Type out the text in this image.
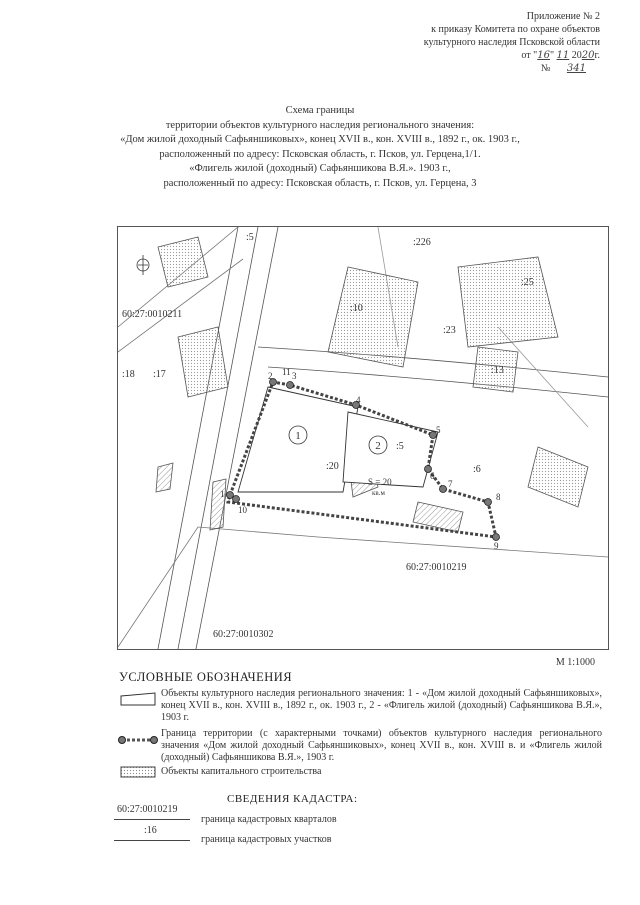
Приложение № 2
к приказу Комитета по охране объектов
культурного наследия Псковской области
от "16" 11 2020г.
№ 341
Схема границы
территории объектов культурного наследия регионального значения:
«Дом жилой доходный Сафьяншиковых», конец XVII в., кон. XVIII в., 1892 г., ок. 1903 г.,
расположенный по адресу: Псковская область, г. Псков, ул. Герцена,1/1.
«Флигель жилой (доходный) Сафьяншикова В.Я.». 1903 г.,
расположенный по адресу: Псковская область, г. Псков, ул. Герцена, 3
:5	:226
:25
:10
:23
:13
:18 :17
:20
:5
:6
60:27:0010211
60:27:0010219
60:27:0010302
S = 20
кв.м
1
2
1
2 3
4
5
6
7
8
9
10
11
М 1:1000
УСЛОВНЫЕ ОБОЗНАЧЕНИЯ
Объекты культурного наследия регионального значения: 1 - «Дом жилой доходный Сафьяншиковых», конец XVII в., кон. XVIII в., 1892 г., ок. 1903 г., 2 - «Флигель жилой (доходный) Сафьяншикова В.Я.», 1903 г.
Граница территории (с характерными точками) объектов культурного наследия регионального значения «Дом жилой доходный Сафьяншиковых», конец XVII в., кон. XVIII в. и «Флигель жилой (доходный) Сафьяншикова В.Я.», 1903 г.
Объекты капитального строительства
СВЕДЕНИЯ КАДАСТРА:
60:27:0010219
граница кадастровых кварталов
:16
граница кадастровых участков
